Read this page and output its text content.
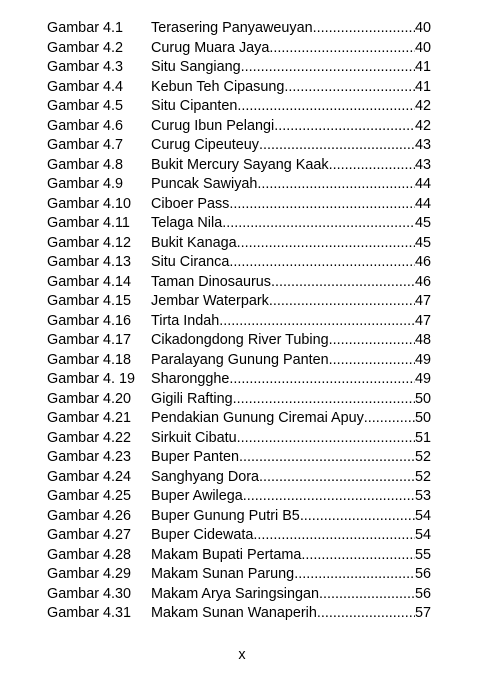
Gambar 4.1 Terasering Panyaweuyan .....	40
Gambar 4.2 Curug Muara Jaya .....	40
Gambar 4.3 Situ Sangiang .....	41
Gambar 4.4 Kebun Teh Cipasung .....	41
Gambar 4.5 Situ Cipanten .....	42
Gambar 4.6 Curug Ibun Pelangi .....	42
Gambar 4.7 Curug Cipeuteuy .....	43
Gambar 4.8 Bukit Mercury Sayang Kaak .....	43
Gambar 4.9 Puncak Sawiyah .....	44
Gambar 4.10 Ciboer Pass .....	44
Gambar 4.11 Telaga Nila .....	45
Gambar 4.12 Bukit Kanaga .....	45
Gambar 4.13 Situ Ciranca .....	46
Gambar 4.14 Taman Dinosaurus .....	46
Gambar 4.15 Jembar Waterpark .....	47
Gambar 4.16 Tirta Indah .....	47
Gambar 4.17 Cikadongdong River Tubing .....	48
Gambar 4.18 Paralayang Gunung Panten .....	49
Gambar 4. 19 Sharongghe .....	49
Gambar 4.20 Gigili Rafting .....	50
Gambar 4.21 Pendakian Gunung Ciremai Apuy .....	50
Gambar 4.22 Sirkuit Cibatu .....	51
Gambar 4.23 Buper Panten .....	52
Gambar 4.24 Sanghyang Dora .....	52
Gambar 4.25 Buper Awilega .....	53
Gambar 4.26 Buper Gunung Putri B5 .....	54
Gambar 4.27 Buper Cidewata .....	54
Gambar 4.28 Makam Bupati Pertama .....	55
Gambar 4.29 Makam Sunan Parung .....	56
Gambar 4.30 Makam Arya Saringsingan .....	56
Gambar 4.31 Makam Sunan Wanaperih .....	57
x
